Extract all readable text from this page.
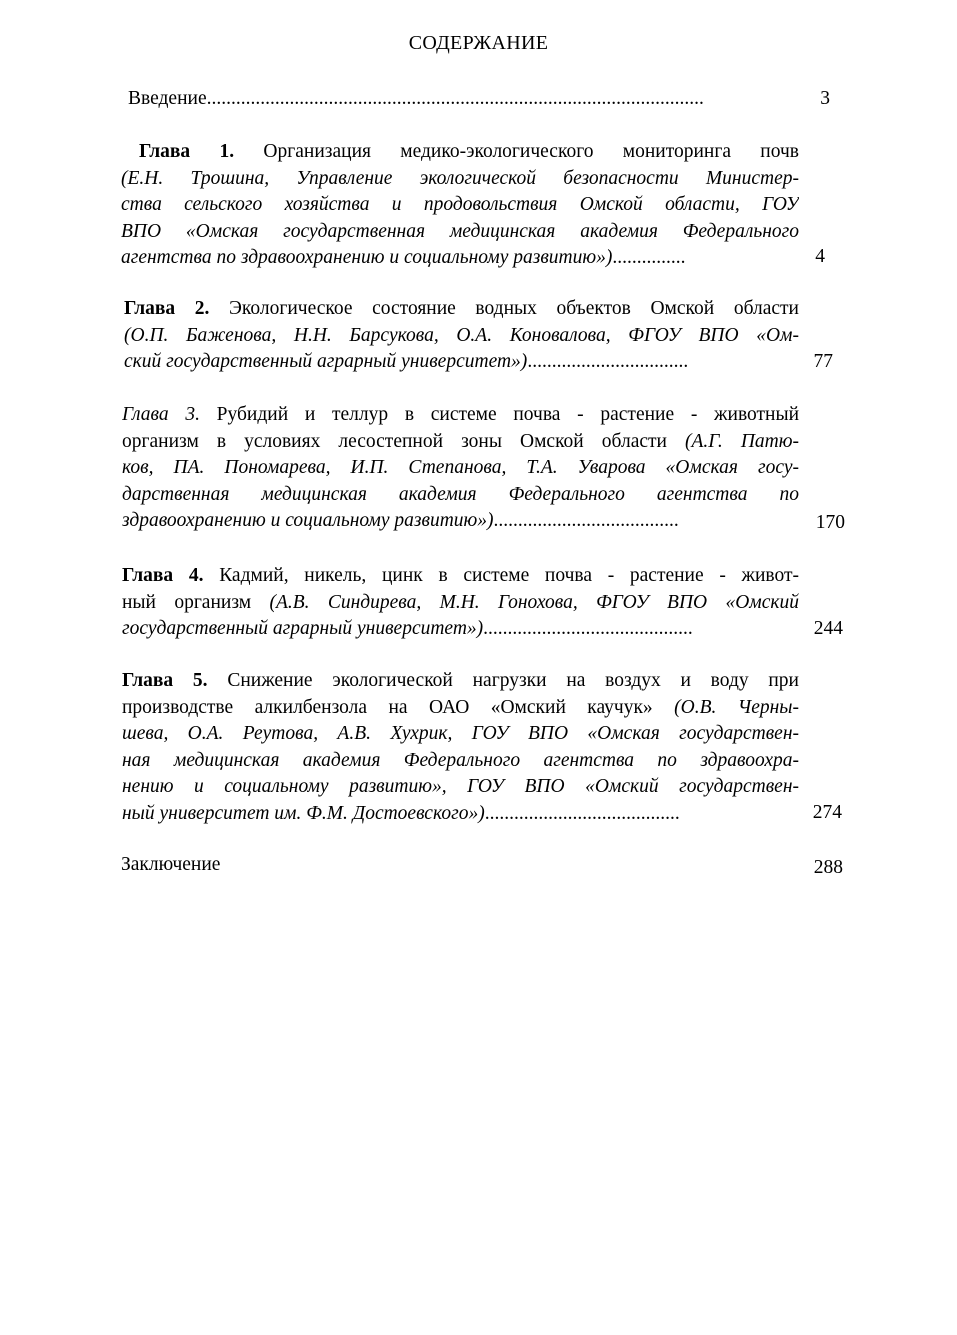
СОДЕРЖАНИЕ
Введение......................................................................................................	3
Глава 1. Организация медико-экологического мониторинга почв
(Е.Н. Трошина, Управление экологической безопасности Министер-
ства сельского хозяйства и продовольствия Омской области, ГОУ
ВПО «Омская государственная медицинская академия Федерального
агентства по здравоохранению и социальному развитию»)...............	4
Глава 2. Экологическое состояние водных объектов Омской области
(О.П. Баженова, Н.Н. Барсукова, О.А. Коновалова, ФГОУ ВПО «Ом-
ский государственный аграрный университет»).................................	77
Глава 3. Рубидий и теллур в системе почва - растение - животный
организм в условиях лесостепной зоны Омской области (А.Г. Патю-
ков, ПА. Пономарева, И.П. Степанова, Т.А. Уварова «Омская госу-
дарственная медицинская академия Федерального агентства по
здравоохранению и социальному развитию»)......................................	170
Глава 4. Кадмий, никель, цинк в системе почва - растение - живот-
ный организм (А.В. Синдирева, М.Н. Гонохова, ФГОУ ВПО «Омский
государственный аграрный университет»)...........................................	244
Глава 5. Снижение экологической нагрузки на воздух и воду при
производстве алкилбензола на ОАО «Омский каучук» (О.В. Черны-
шева, О.А. Реутова, А.В. Хухрик, ГОУ ВПО «Омская государствен-
ная медицинская академия Федерального агентства по здравоохра-
нению и социальному развитию», ГОУ ВПО «Омский государствен-
ный университет им. Ф.М. Достоевского»)........................................	274
Заключение	288
